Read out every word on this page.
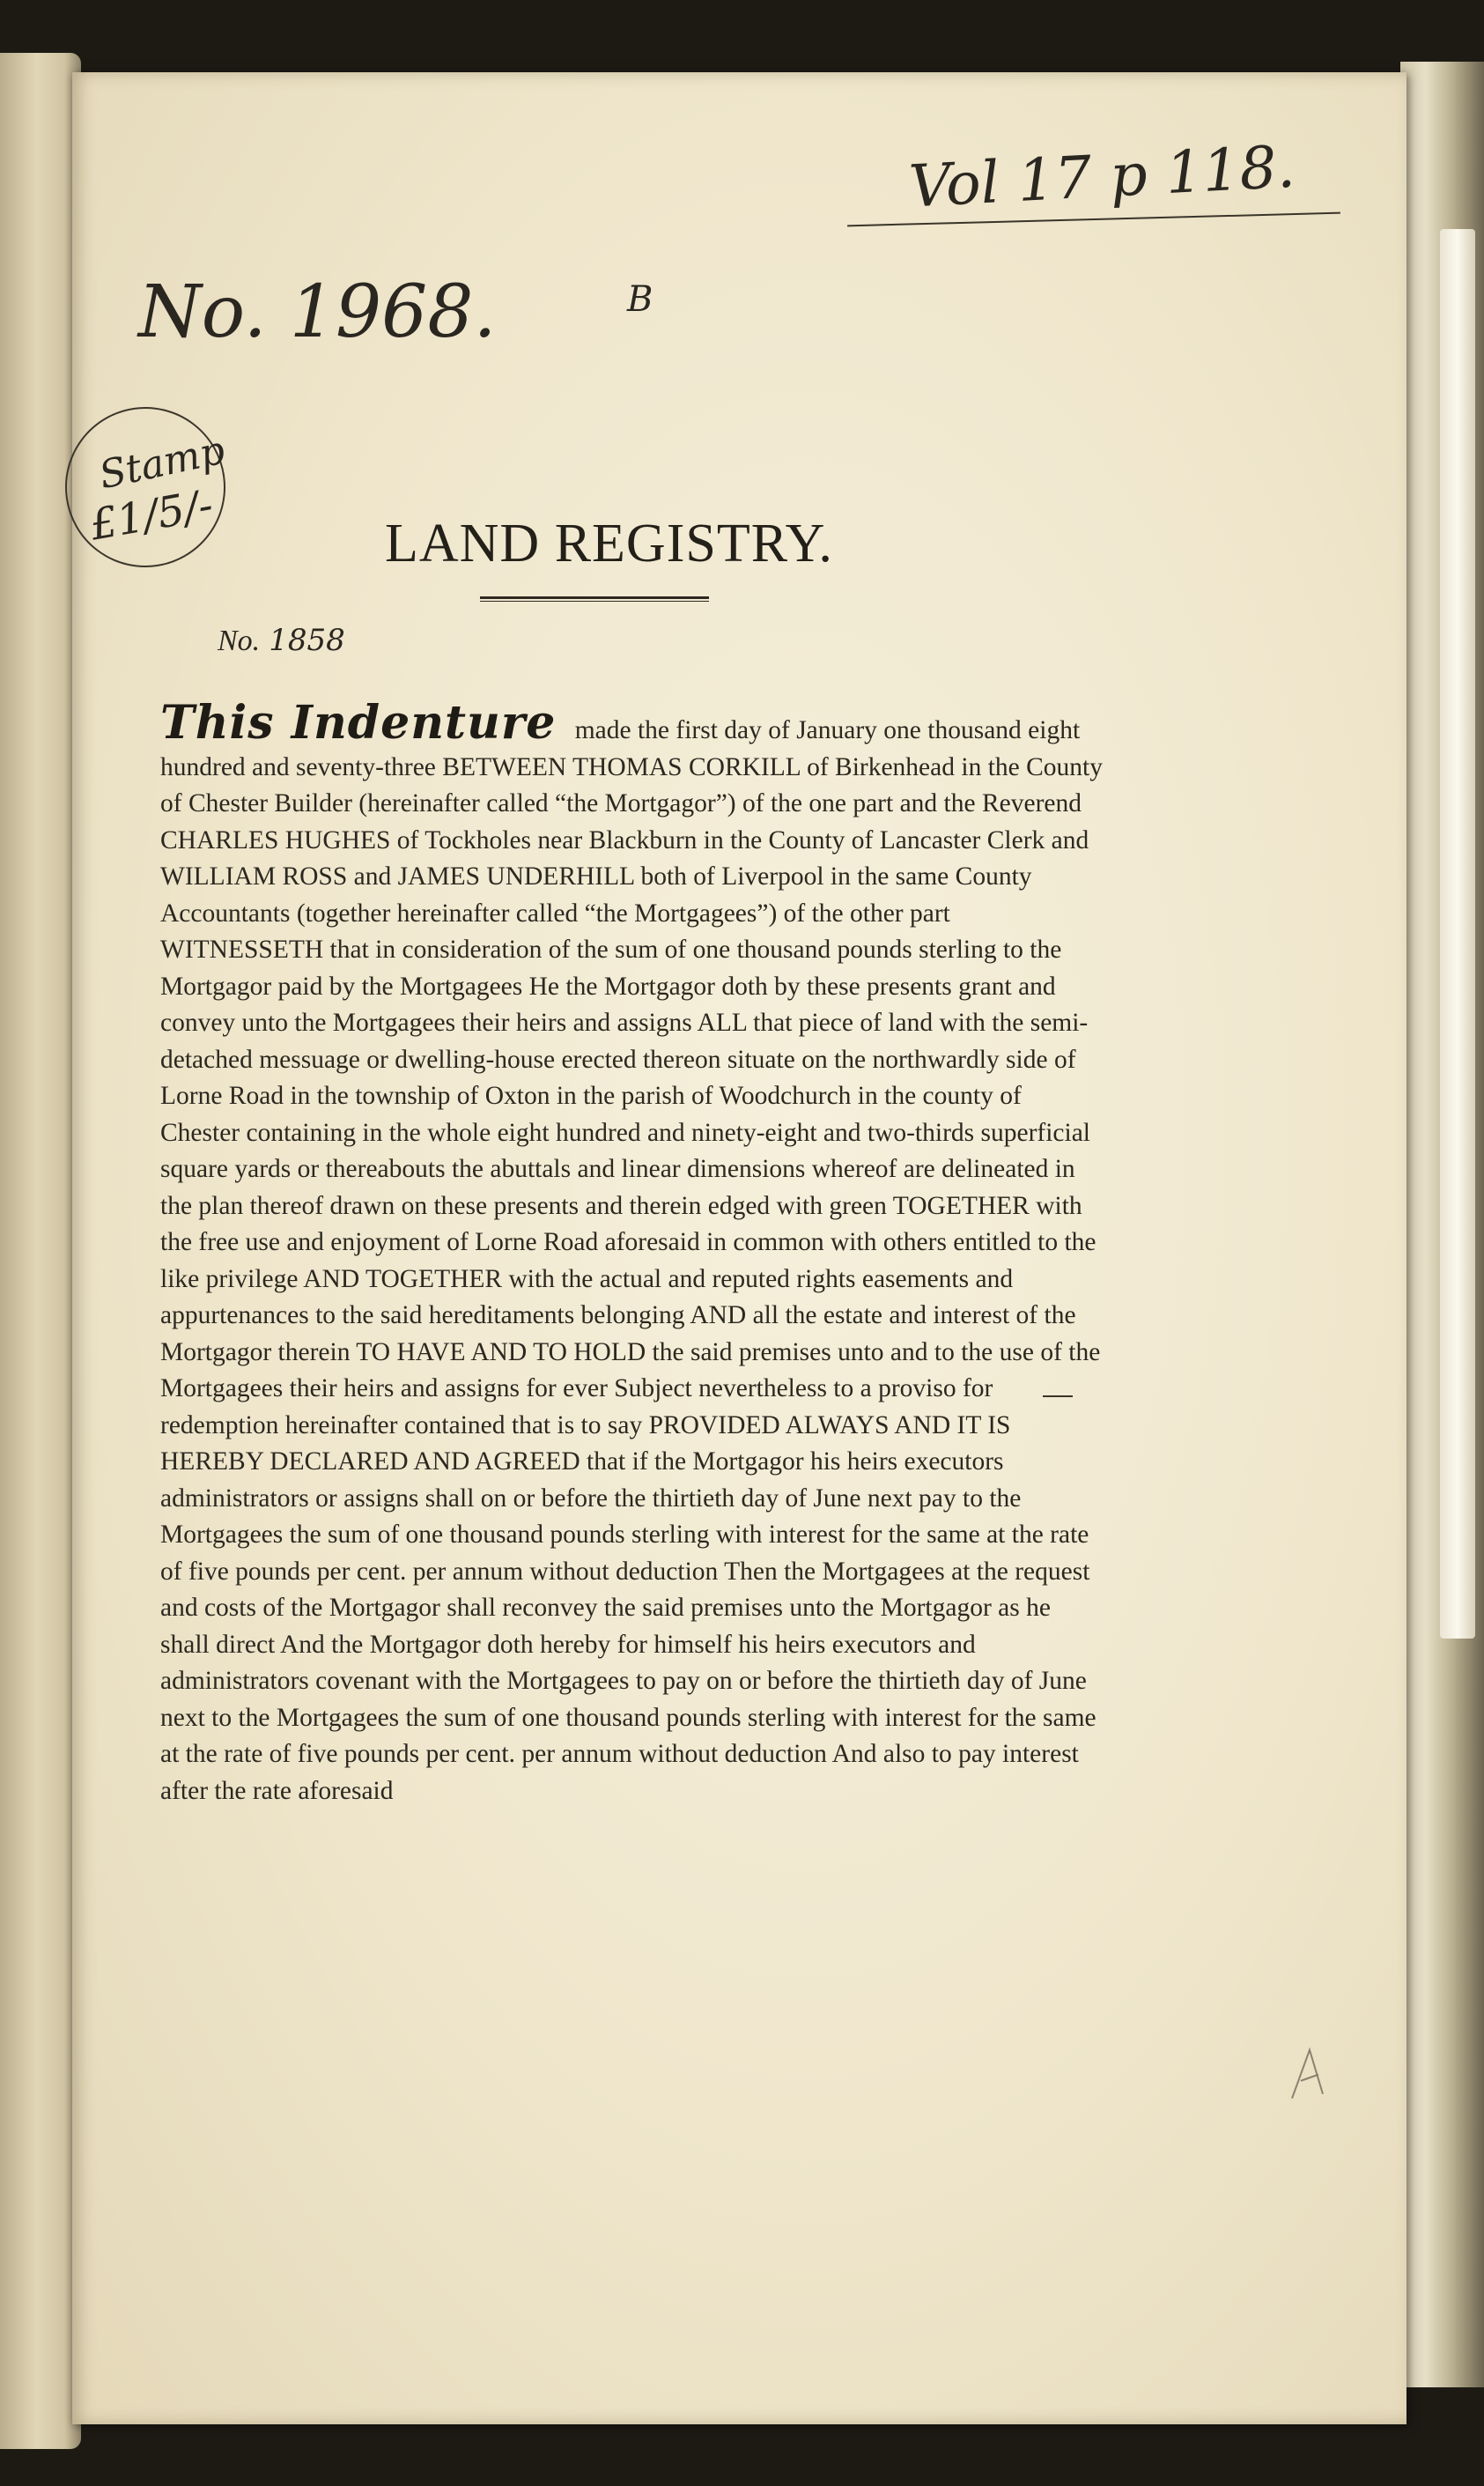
Vol 17 p 118.
No. 1968.	B
Stamp
£1/5/-	LAND REGISTRY.
No. 1858

This Indenture made the first day of January one thousand eight hundred and seventy-three BETWEEN THOMAS CORKILL of Birkenhead in the County of Chester Builder (hereinafter called “the Mortgagor”) of the one part and the Reverend CHARLES HUGHES of Tockholes near Blackburn in the County of Lancaster Clerk and WILLIAM ROSS and JAMES UNDERHILL both of Liverpool in the same County Accountants (together hereinafter called “the Mortgagees”) of the other part WITNESSETH that in consideration of the sum of one thousand pounds sterling to the Mortgagor paid by the Mortgagees He the Mortgagor doth by these presents grant and convey unto the Mortgagees their heirs and assigns ALL that piece of land with the semi-detached messuage or dwelling-house erected thereon situate on the northwardly side of Lorne Road in the township of Oxton in the parish of Woodchurch in the county of Chester containing in the whole eight hundred and ninety-eight and two-thirds superficial square yards or thereabouts the abuttals and linear dimensions whereof are delineated in the plan thereof drawn on these presents and therein edged with green TOGETHER with the free use and enjoyment of Lorne Road aforesaid in common with others entitled to the like privilege AND TOGETHER with the actual and reputed rights easements and appurtenances to the said hereditaments belonging AND all the estate and interest of the Mortgagor therein TO HAVE AND TO HOLD the said premises unto and to the use of the Mortgagees their heirs and assigns for ever Subject nevertheless to a proviso for redemption hereinafter contained that is to say PROVIDED ALWAYS AND IT IS HEREBY DECLARED AND AGREED that if the Mortgagor his heirs executors administrators or assigns shall on or before the thirtieth day of June next pay to the Mortgagees the sum of one thousand pounds sterling with interest for the same at the rate of five pounds per cent. per annum without deduction Then the Mortgagees at the request and costs of the Mortgagor shall reconvey the said premises unto the Mortgagor as he shall direct And the Mortgagor doth hereby for himself his heirs executors and administrators covenant with the Mortgagees to pay on or before the thirtieth day of June next to the Mortgagees the sum of one thousand pounds sterling with interest for the same at the rate of five pounds per cent. per annum without deduction And also to pay interest after the rate aforesaid
